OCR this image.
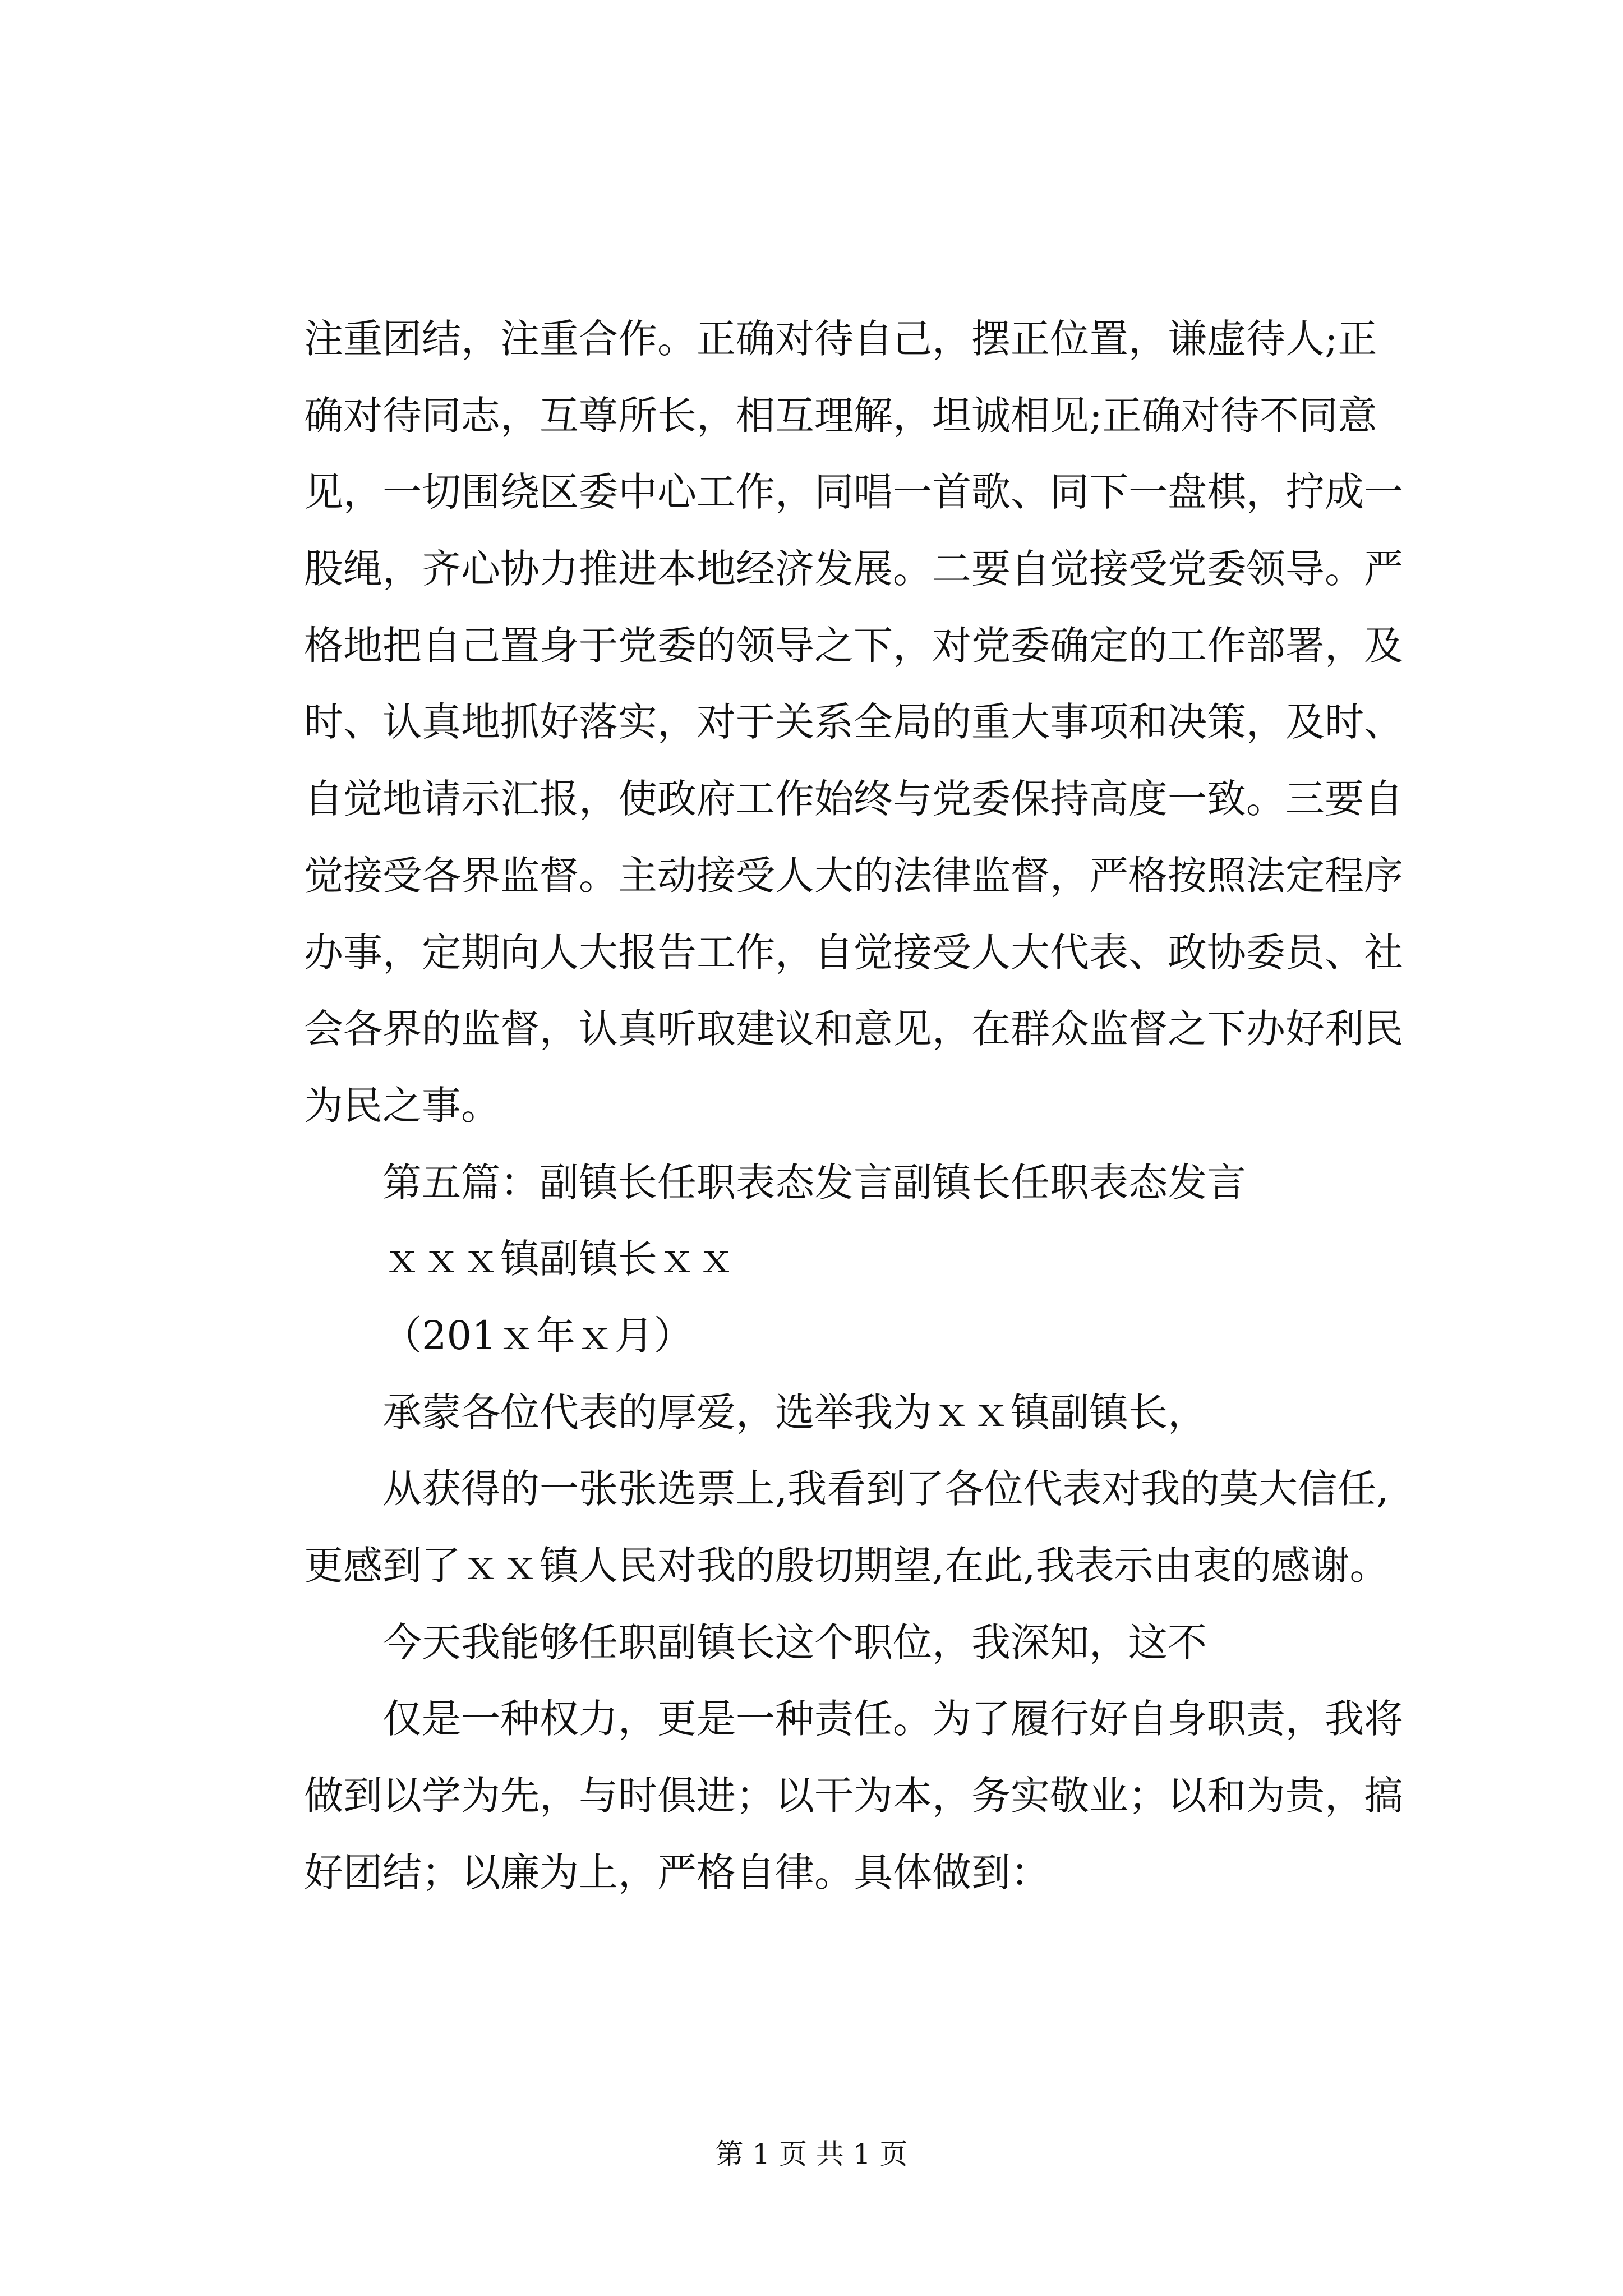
注重团结，注重合作。正确对待自己，摆正位置，谦虚待人;正
确对待同志，互尊所长，相互理解，坦诚相见;正确对待不同意
见，一切围绕区委中心工作，同唱一首歌、同下一盘棋，拧成一
股绳，齐心协力推进本地经济发展。二要自觉接受党委领导。严
格地把自己置身于党委的领导之下，对党委确定的工作部署，及
时、认真地抓好落实，对于关系全局的重大事项和决策，及时、
自觉地请示汇报，使政府工作始终与党委保持高度一致。三要自
觉接受各界监督。主动接受人大的法律监督，严格按照法定程序
办事，定期向人大报告工作，自觉接受人大代表、政协委员、社
会各界的监督，认真听取建议和意见，在群众监督之下办好利民
为民之事。
第五篇：副镇长任职表态发言副镇长任职表态发言
ｘｘｘ镇副镇长ｘｘ
（201ｘ年ｘ月）
承蒙各位代表的厚爱，选举我为ｘｘ镇副镇长，
从获得的一张张选票上,我看到了各位代表对我的莫大信任,
更感到了ｘｘ镇人民对我的殷切期望,在此,我表示由衷的感谢。
今天我能够任职副镇长这个职位，我深知，这不
仅是一种权力，更是一种责任。为了履行好自身职责，我将
做到以学为先，与时俱进；以干为本，务实敬业；以和为贵，搞
好团结；以廉为上，严格自律。具体做到：
第 1 页 共 1 页
